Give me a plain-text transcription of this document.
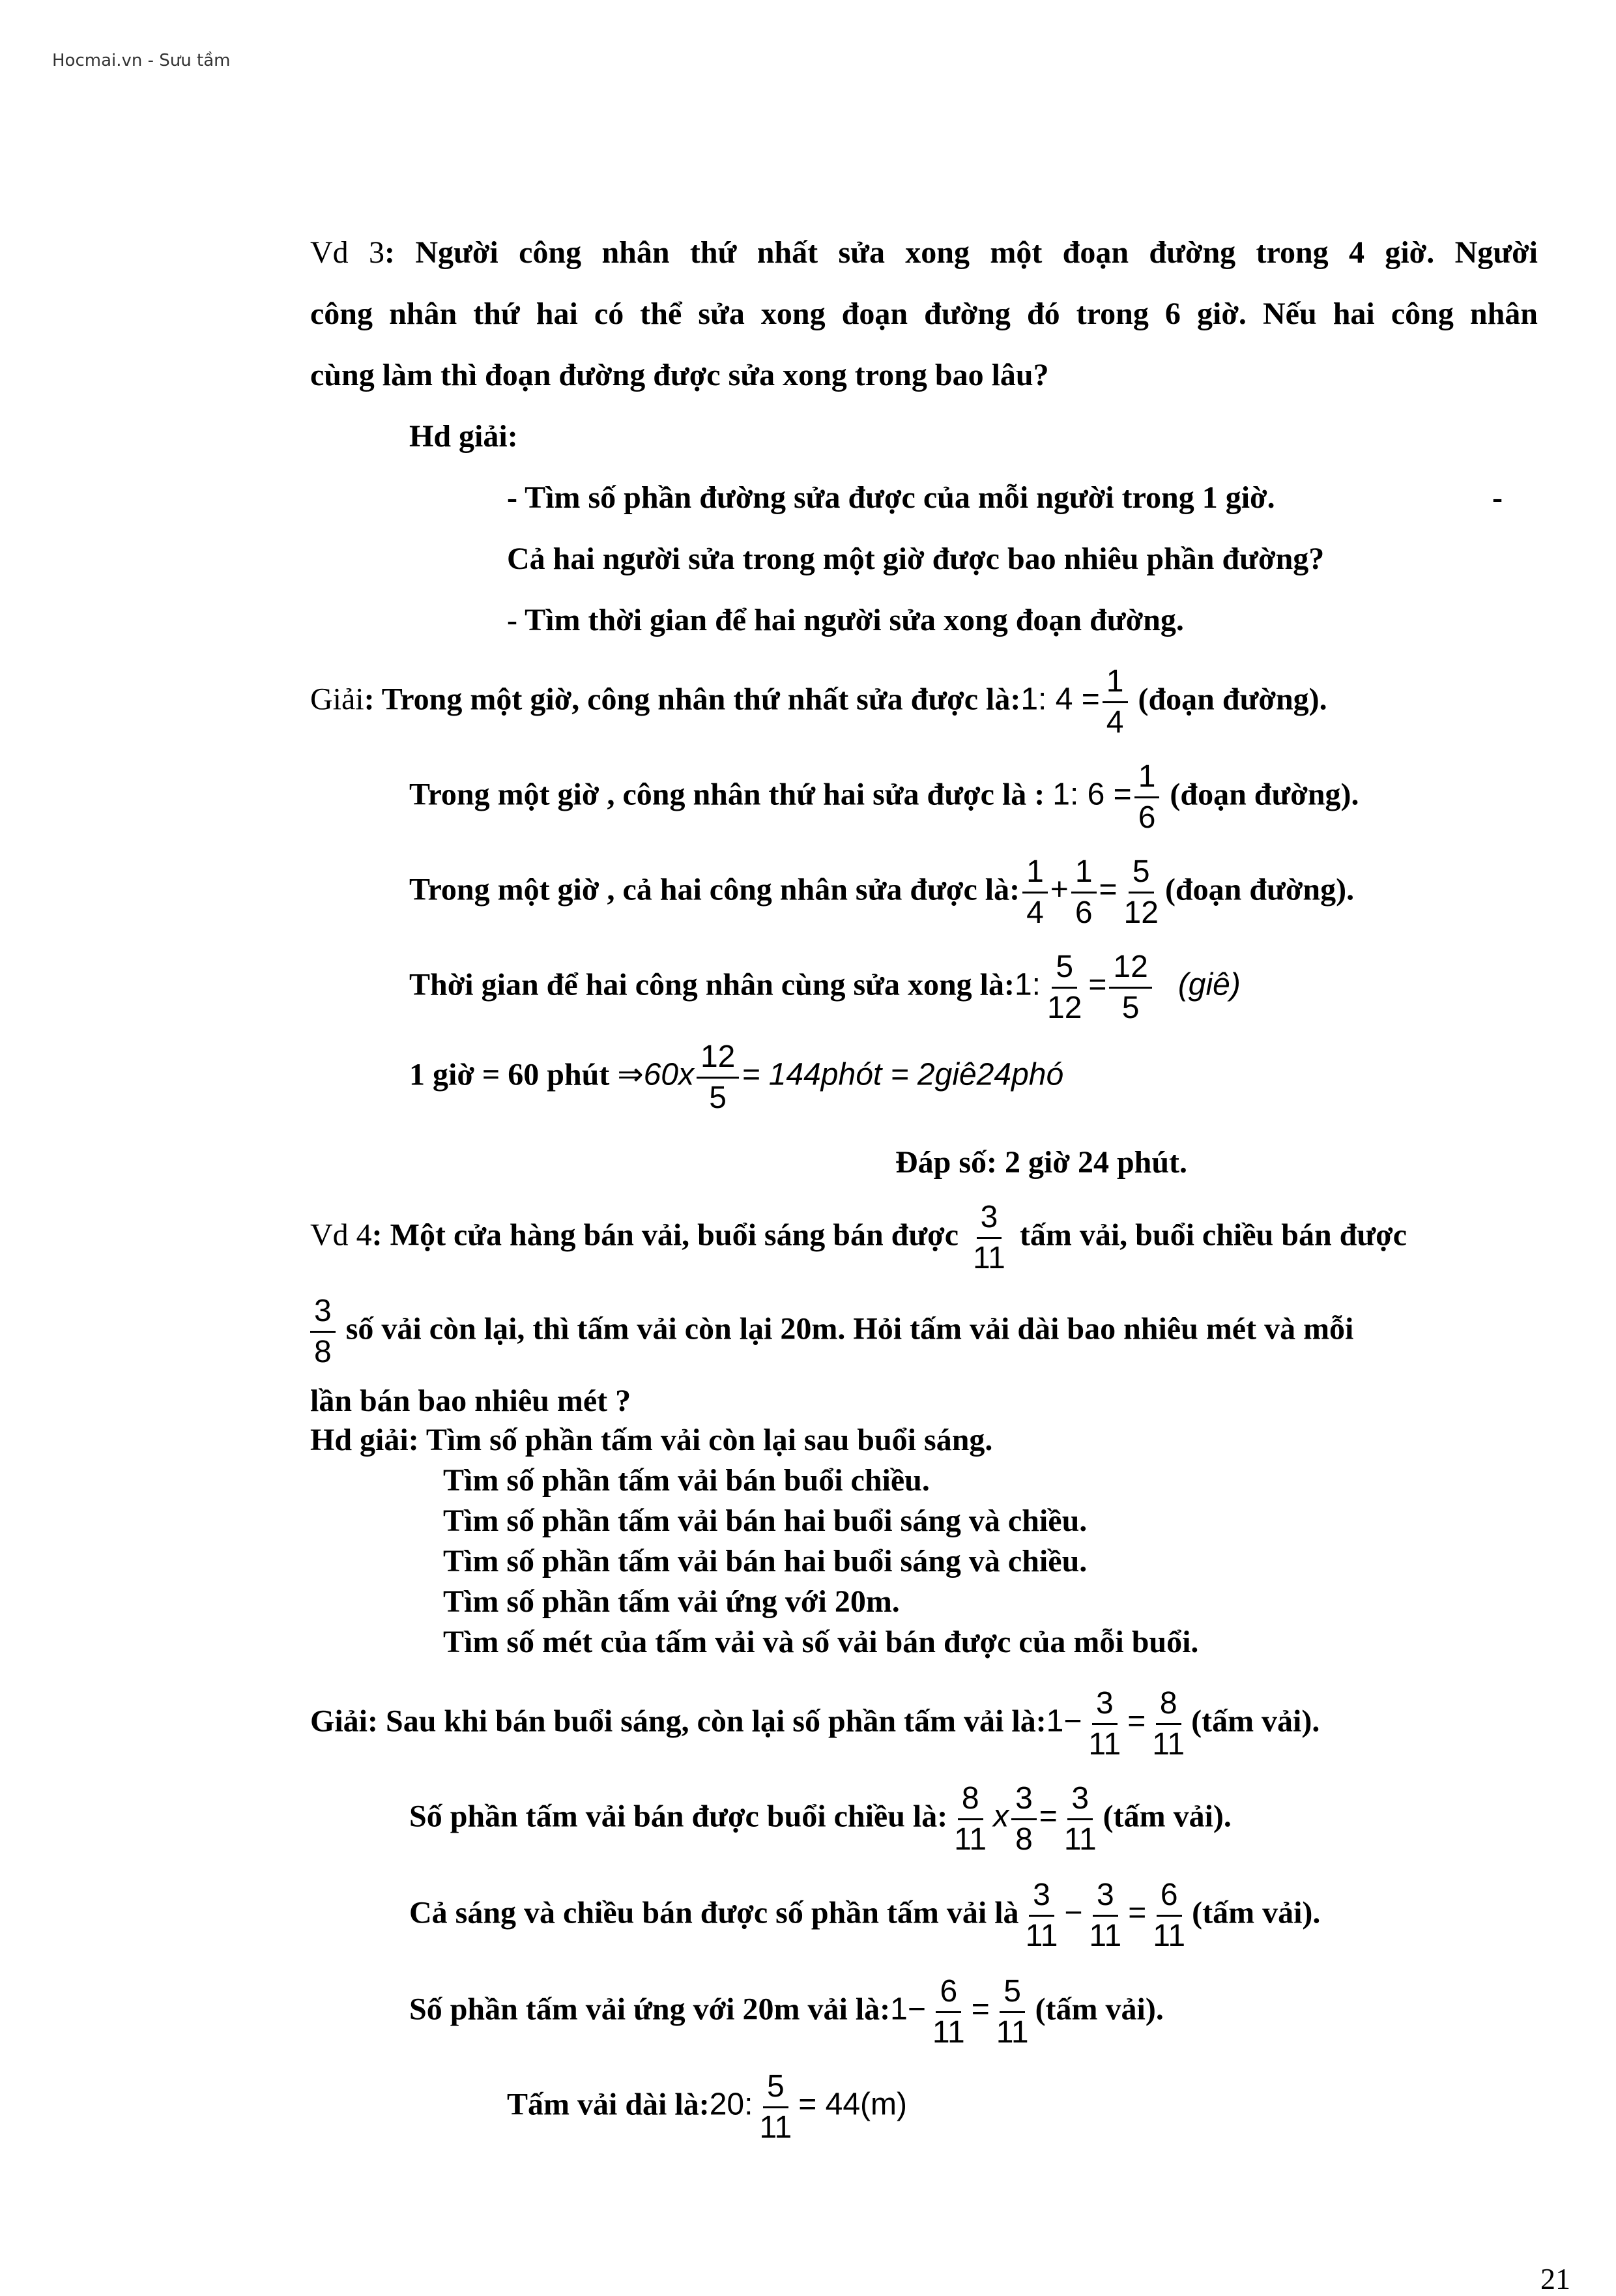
Hocmai.vn - Sưu tầm
Vd 3: Người công nhân thứ nhất sửa xong một đoạn đường trong 4 giờ. Người
công nhân thứ hai có thể sửa xong đoạn đường đó trong 6 giờ. Nếu hai công nhân
cùng làm thì đoạn đường được sửa xong trong bao lâu?
Hd giải:
- Tìm số phần đường sửa được của mỗi người trong 1 giờ.	-
Cả hai người sửa trong một giờ được bao nhiêu phần đường?
- Tìm thời gian để hai người sửa xong đoạn đường.
Giải: Trong một giờ, công nhân thứ nhất sửa được là:1: $4 = \frac{1}{4}$ (đoạn đường).
Trong một giờ , công nhân thứ hai sửa được là : 1: $6 = \frac{1}{6}$ (đoạn đường).
Trong một giờ , cả hai công nhân sửa được là: $\frac{1}{4} + \frac{1}{6} = \frac{5}{12}$ (đoạn đường).
Thời gian để hai công nhân cùng sửa xong là:1: $\frac{5}{12} = \frac{12}{5}$ (giê)
1 giờ = 60 phút ⇒60x $\frac{12}{5}$ = 144phót = 2giê24phó
Đáp số: 2 giờ 24 phút.
Vd 4: Một cửa hàng bán vải, buổi sáng bán được $\frac{3}{11}$ tấm vải, buổi chiều bán được
$\frac{3}{8}$ số vải còn lại, thì tấm vải còn lại 20m. Hỏi tấm vải dài bao nhiêu mét và mỗi
lần bán bao nhiêu mét ?
Hd giải: Tìm số phần tấm vải còn lại sau buổi sáng.
Tìm số phần tấm vải bán buổi chiều.
Tìm số phần tấm vải bán hai buổi sáng và chiều.
Tìm số phần tấm vải bán hai buổi sáng và chiều.
Tìm số phần tấm vải ứng với 20m.
Tìm số mét của tấm vải và số vải bán được của mỗi buổi.
Giải: Sau khi bán buổi sáng, còn lại số phần tấm vải là:1− $\frac{3}{11} = \frac{8}{11}$ (tấm vải).
Số phần tấm vải bán được buổi chiều là: $\frac{8}{11}$ x $\frac{3}{8} = \frac{3}{11}$ (tấm vải).
Cả sáng và chiều bán được số phần tấm vải là $\frac{3}{11} - \frac{3}{11} = \frac{6}{11}$ (tấm vải).
Số phần tấm vải ứng với 20m vải là:1− $\frac{6}{11} = \frac{5}{11}$ (tấm vải).
Tấm vải dài là:20: $\frac{5}{11} = 44(m)$
21
